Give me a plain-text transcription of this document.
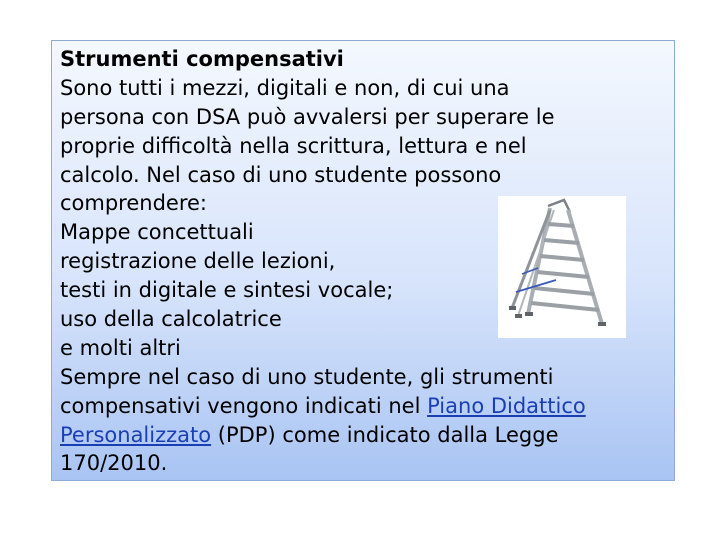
Strumenti compensativi
Sono tutti i mezzi, digitali e non, di cui una
persona con DSA può avvalersi per superare le
proprie difficoltà nella scrittura, lettura e nel
calcolo. Nel caso di uno studente possono
comprendere:
Mappe concettuali
registrazione delle lezioni,
testi in digitale e sintesi vocale;
uso della calcolatrice
e molti altri
Sempre nel caso di uno studente, gli strumenti
compensativi vengono indicati nel Piano Didattico
Personalizzato (PDP) come indicato dalla Legge
170/2010.
